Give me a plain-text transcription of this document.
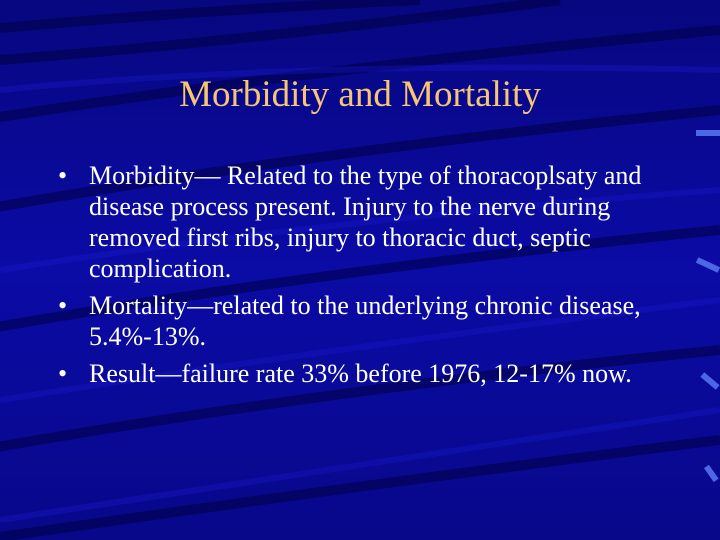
Morbidity and Mortality
• Morbidity— Related to the type of thoracoplsaty and disease process present. Injury to the nerve during removed first ribs, injury to thoracic duct, septic complication.
• Mortality—related to the underlying chronic disease, 5.4%-13%.
• Result—failure rate 33% before 1976, 12-17% now.
